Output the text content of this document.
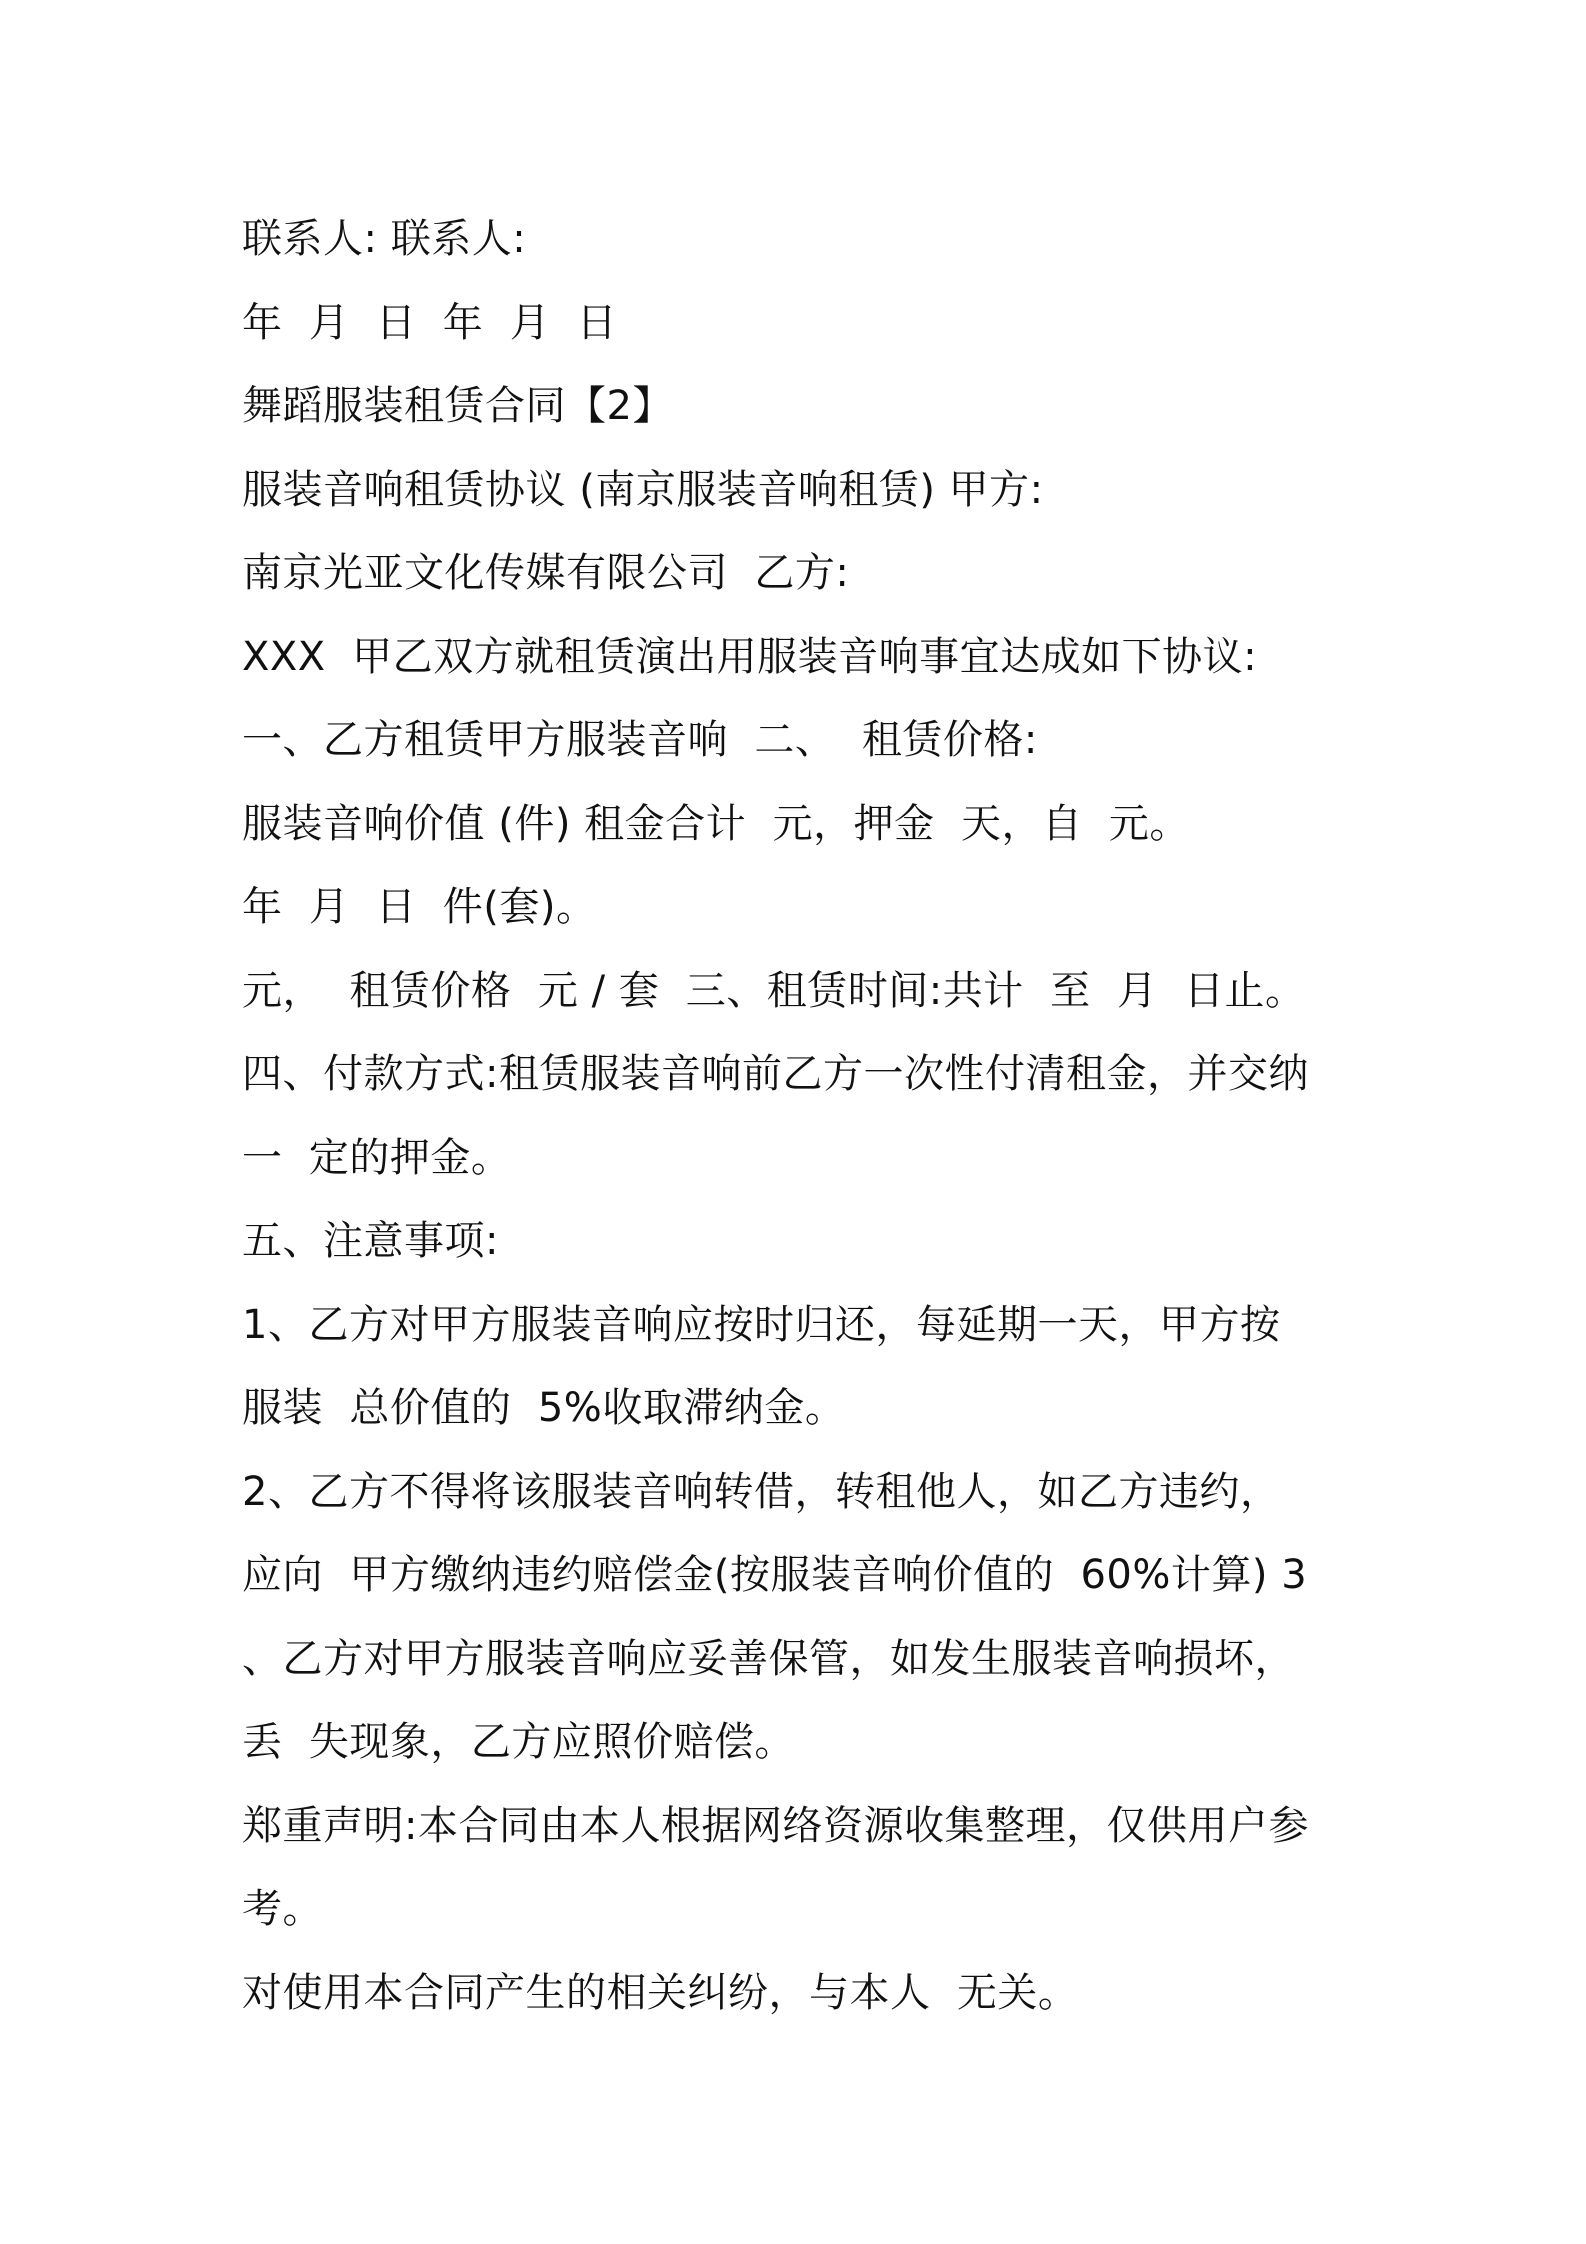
联系人: 联系人:
年  月  日  年  月  日
舞蹈服装租赁合同【2】
服装音响租赁协议 (南京服装音响租赁) 甲方:
南京光亚文化传媒有限公司  乙方:
XXX  甲乙双方就租赁演出用服装音响事宜达成如下协议:
一、乙方租赁甲方服装音响  二、  租赁价格:
服装音响价值 (件) 租金合计  元，押金  天，自  元。
年  月  日  件(套)。
元，  租赁价格  元 / 套  三、租赁时间:共计  至  月  日止。
四、付款方式:租赁服装音响前乙方一次性付清租金，并交纳
一  定的押金。
五、注意事项:
1、乙方对甲方服装音响应按时归还，每延期一天，甲方按
服装  总价值的  5%收取滞纳金。
2、乙方不得将该服装音响转借，转租他人，如乙方违约，
应向  甲方缴纳违约赔偿金(按服装音响价值的  60%计算) 3
、乙方对甲方服装音响应妥善保管，如发生服装音响损坏，
丢  失现象，乙方应照价赔偿。
郑重声明:本合同由本人根据网络资源收集整理，仅供用户参
考。
对使用本合同产生的相关纠纷，与本人  无关。
